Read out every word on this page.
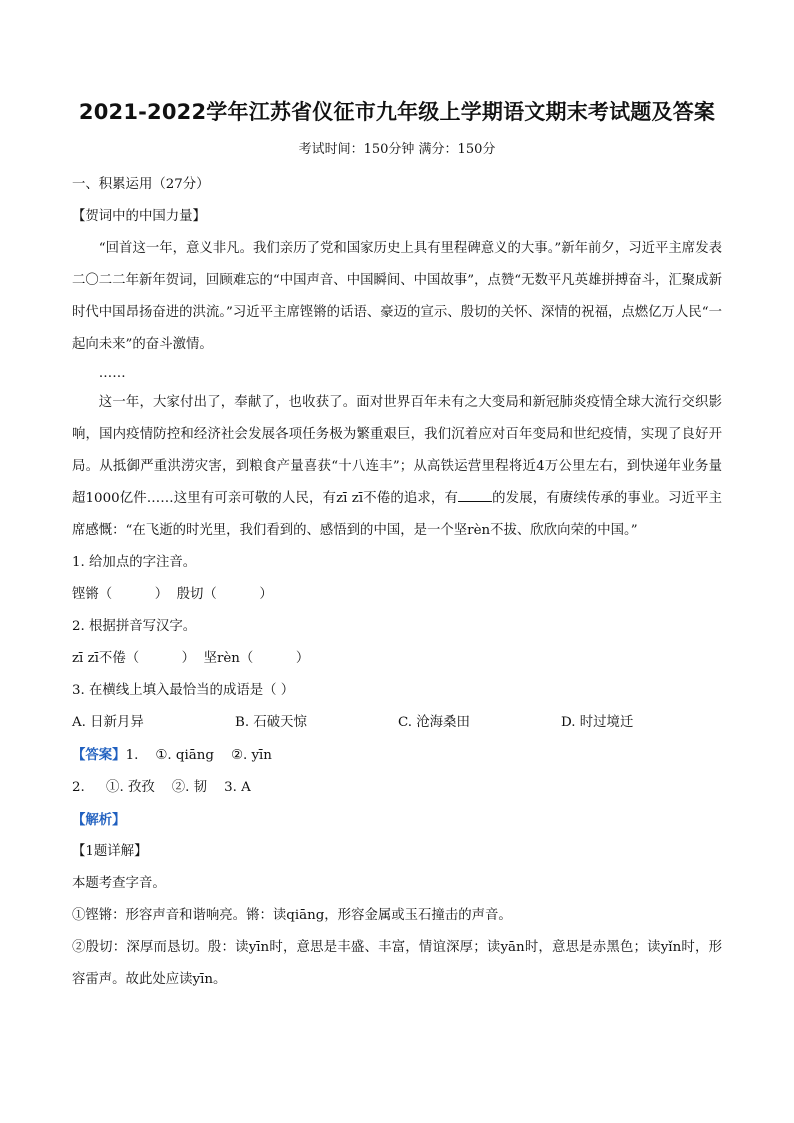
2021-2022学年江苏省仪征市九年级上学期语文期末考试题及答案
考试时间：150分钟 满分：150分

一、积累运用（27分）

【贺词中的中国力量】

“回首这一年，意义非凡。我们亲历了党和国家历史上具有里程碑意义的大事。”新年前夕，习近平主席发表二〇二二年新年贺词，回顾难忘的“中国声音、中国瞬间、中国故事”，点赞“无数平凡英雄拼搏奋斗，汇聚成新时代中国昂扬奋进的洪流。”习近平主席铿锵的话语、豪迈的宣示、殷切的关怀、深情的祝福，点燃亿万人民“一起向未来”的奋斗激情。

……

这一年，大家付出了，奉献了，也收获了。面对世界百年未有之大变局和新冠肺炎疫情全球大流行交织影响，国内疫情防控和经济社会发展各项任务极为繁重艰巨，我们沉着应对百年变局和世纪疫情，实现了良好开局。从抵御严重洪涝灾害，到粮食产量喜获“十八连丰”；从高铁运营里程将近4万公里左右，到快递年业务量超1000亿件……这里有可亲可敬的人民，有zī zī不倦的追求，有	的发展，有赓续传承的事业。习近平主席感慨：“在飞逝的时光里，我们看到的、感悟到的中国，是一个坚rèn不拔、欣欣向荣的中国。”

1. 给加点的字注音。

铿锵（          ）  殷切（          ）

2. 根据拼音写汉字。

zī zī不倦（          ）  坚rèn（          ）

3. 在横线上填入最恰当的成语是（ ）

A. 日新月异	B. 石破天惊	C. 沧海桑田	D. 时过境迁

【答案】1.    ①. qiāng    ②. yīn

2.     ①. 孜孜    ②. 韧    3. A

【解析】

【1题详解】

本题考查字音。

①铿锵：形容声音和谐响亮。锵：读qiāng，形容金属或玉石撞击的声音。

②殷切：深厚而恳切。殷：读yīn时，意思是丰盛、丰富，情谊深厚；读yān时，意思是赤黑色；读yǐn时，形容雷声。故此处应读yīn。
